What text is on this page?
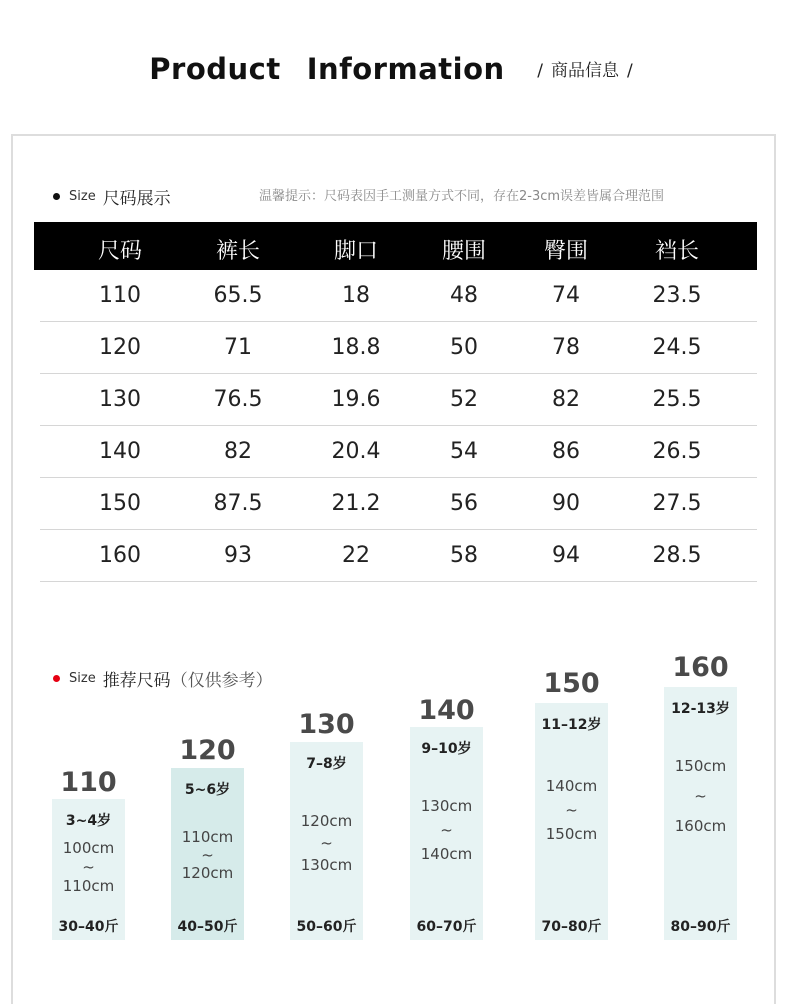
Product Information / 商品信息 /
Size 尺码展示	温馨提示：尺码表因手工测量方式不同，存在2-3cm误差皆属合理范围
尺码	裤长	脚口	腰围	臀围	裆长
110	65.5	18	48	74	23.5
120	71	18.8	50	78	24.5
130	76.5	19.6	52	82	25.5
140	82	20.4	54	86	26.5
150	87.5	21.2	56	90	27.5
160	93	22	58	94	28.5
Size 推荐尺码（仅供参考）
110
3~4岁
100cm
~
110cm
30–40斤
120
5~6岁
110cm
~
120cm
40–50斤
130
7–8岁
120cm
~
130cm
50–60斤
140
9–10岁
130cm
~
140cm
60–70斤
150
11–12岁
140cm
~
150cm
70–80斤
160
12-13岁
150cm
~
160cm
80–90斤
